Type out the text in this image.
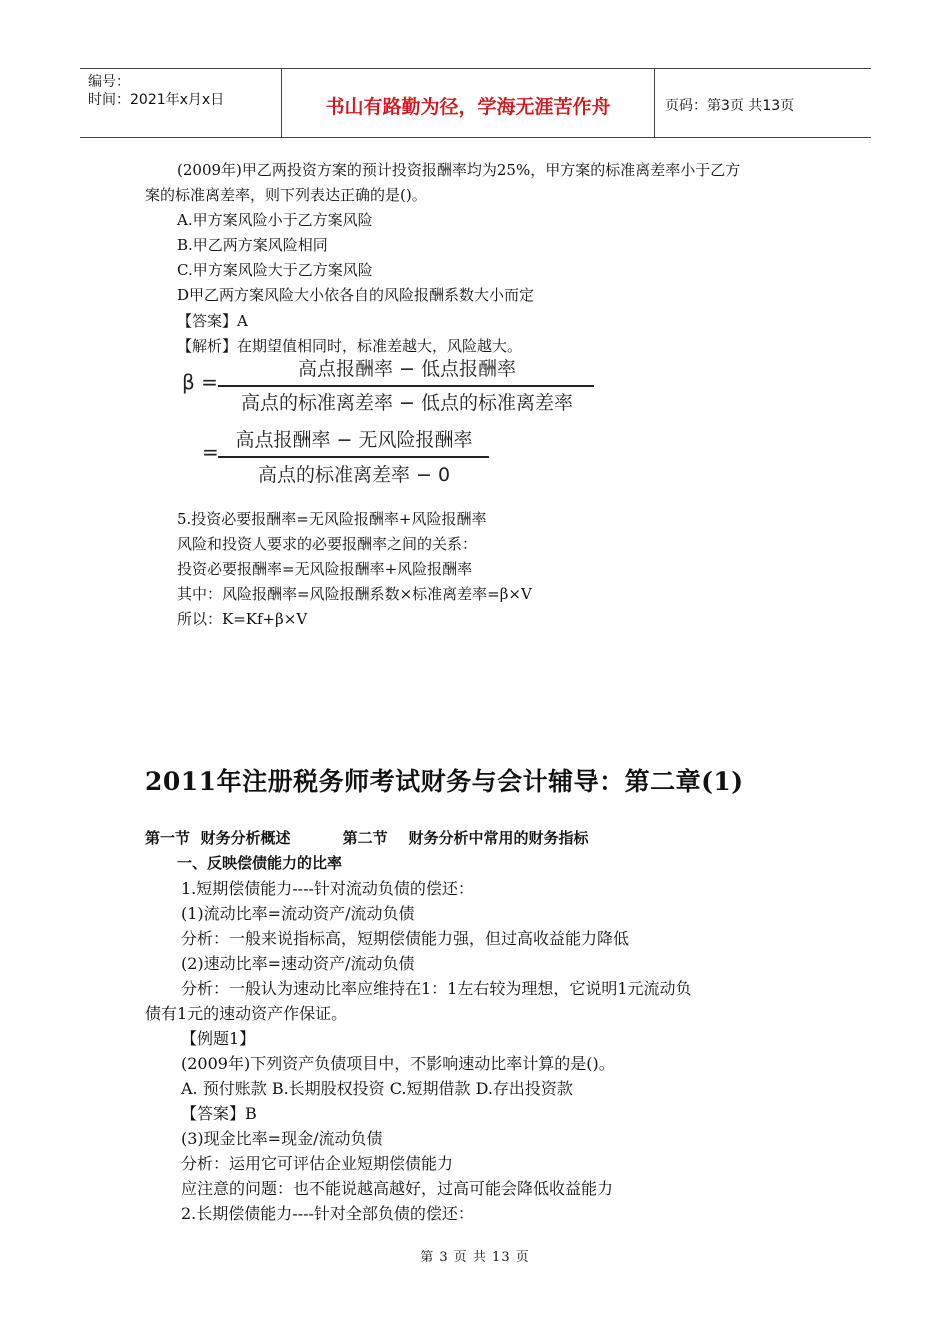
编号：
时间：2021年x月x日	书山有路勤为径，学海无涯苦作舟	页码：第3页 共13页
(2009年)甲乙两投资方案的预计投资报酬率均为25%，甲方案的标准离差率小于乙方
案的标准离差率，则下列表达正确的是()。
A.甲方案风险小于乙方案风险
B.甲乙两方案风险相同
C.甲方案风险大于乙方案风险
D甲乙两方案风险大小依各自的风险报酬系数大小而定
【答案】A
【解析】在期望值相同时，标准差越大，风险越大。
β =
高点报酬率 − 低点报酬率
高点的标准离差率 − 低点的标准离差率
= 高点报酬率 − 无风险报酬率
高点的标准离差率 − 0
5.投资必要报酬率=无风险报酬率+风险报酬率
风险和投资人要求的必要报酬率之间的关系：
投资必要报酬率=无风险报酬率+风险报酬率
其中：风险报酬率=风险报酬系数×标准离差率=β×V
所以：K=Kf+β×V
2011年注册税务师考试财务与会计辅导：第二章(1)
第一节  财务分析概述          第二节    财务分析中常用的财务指标
一、反映偿债能力的比率
1.短期偿债能力----针对流动负债的偿还：
(1)流动比率=流动资产/流动负债
分析：一般来说指标高，短期偿债能力强，但过高收益能力降低
(2)速动比率=速动资产/流动负债
分析：一般认为速动比率应维持在1：1左右较为理想，它说明1元流动负
债有1元的速动资产作保证。
【例题1】
(2009年)下列资产负债项目中，不影响速动比率计算的是()。
A. 预付账款 B.长期股权投资 C.短期借款 D.存出投资款
【答案】B
(3)现金比率=现金/流动负债
分析：运用它可评估企业短期偿债能力
应注意的问题：也不能说越高越好，过高可能会降低收益能力
2.长期偿债能力----针对全部负债的偿还：
第 3 页 共 13 页
